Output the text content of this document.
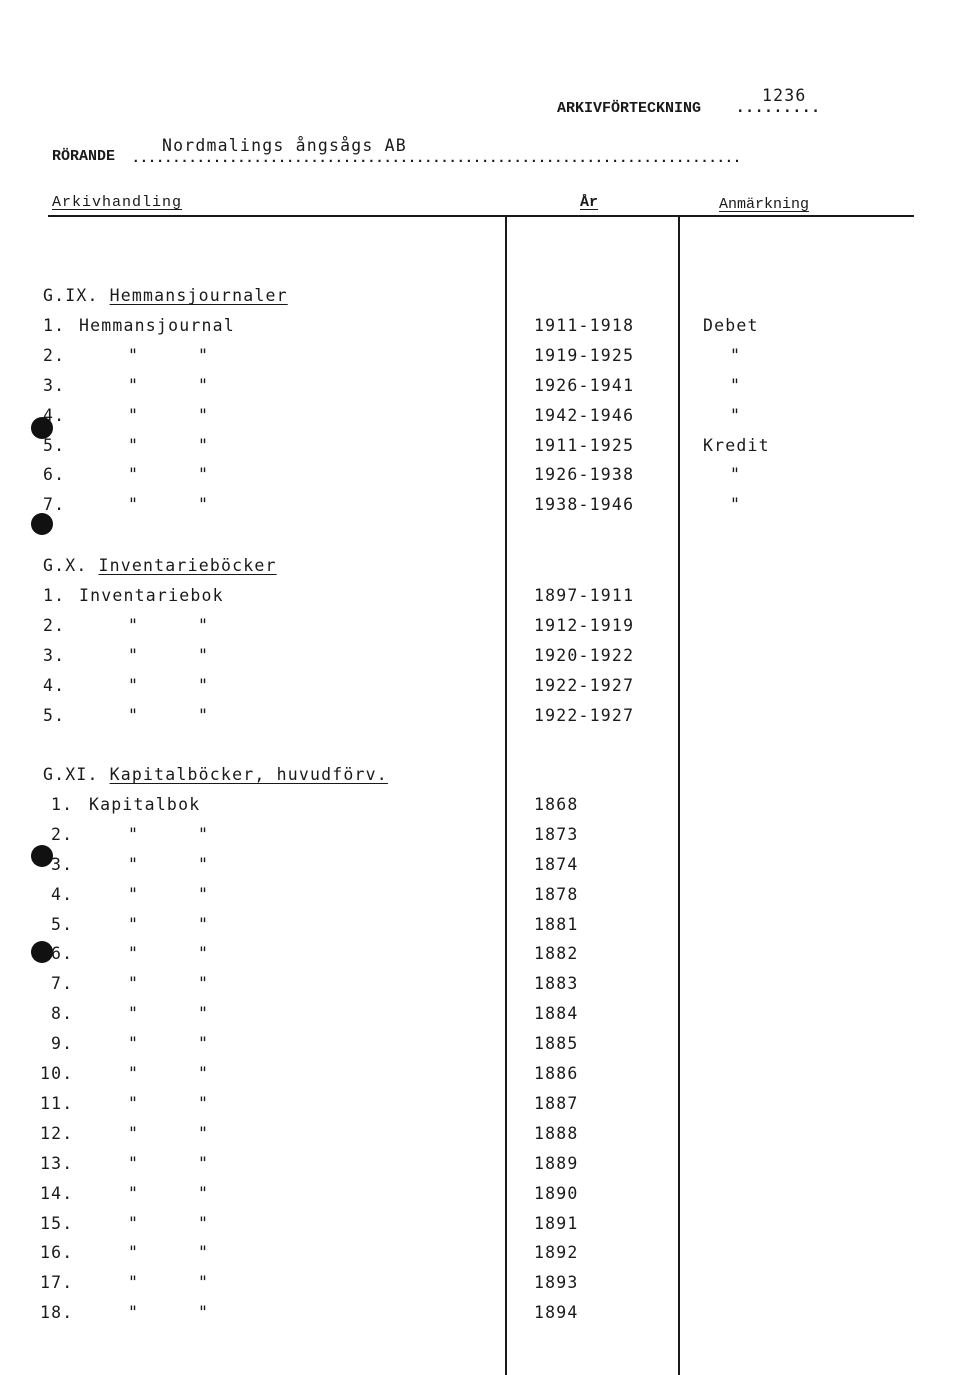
1236
ARKIVFÖRTECKNING .........
RÖRANDE ...........................................................................
Nordmalings ångsågs AB
Arkivhandling	År	Anmärkning
G.IX. Hemmansjournaler
1. Hemmansjournal	1911-1918	Debet
2.	"	"	1919-1925	"
3.	"	"	1926-1941	"
4.	"	"	1942-1946	"
5.	"	"	1911-1925	Kredit
6.	"	"	1926-1938	"
7.	"	"	1938-1946	"
G.X. Inventarieböcker
1. Inventariebok	1897-1911
2.	"	"	1912-1919
3.	"	"	1920-1922
4.	"	"	1922-1927
5.	"	"	1922-1927
G.XI. Kapitalböcker, huvudförv.
1. Kapitalbok	1868
2.	"	"	1873
3.	"	"	1874
4.	"	"	1878
5.	"	"	1881
6.	"	"	1882
7.	"	"	1883
8.	"	"	1884
9.	"	"	1885
10.	"	"	1886
11.	"	"	1887
12.	"	"	1888
13.	"	"	1889
14.	"	"	1890
15.	"	"	1891
16.	"	"	1892
17.	"	"	1893
18.	"	"	1894
